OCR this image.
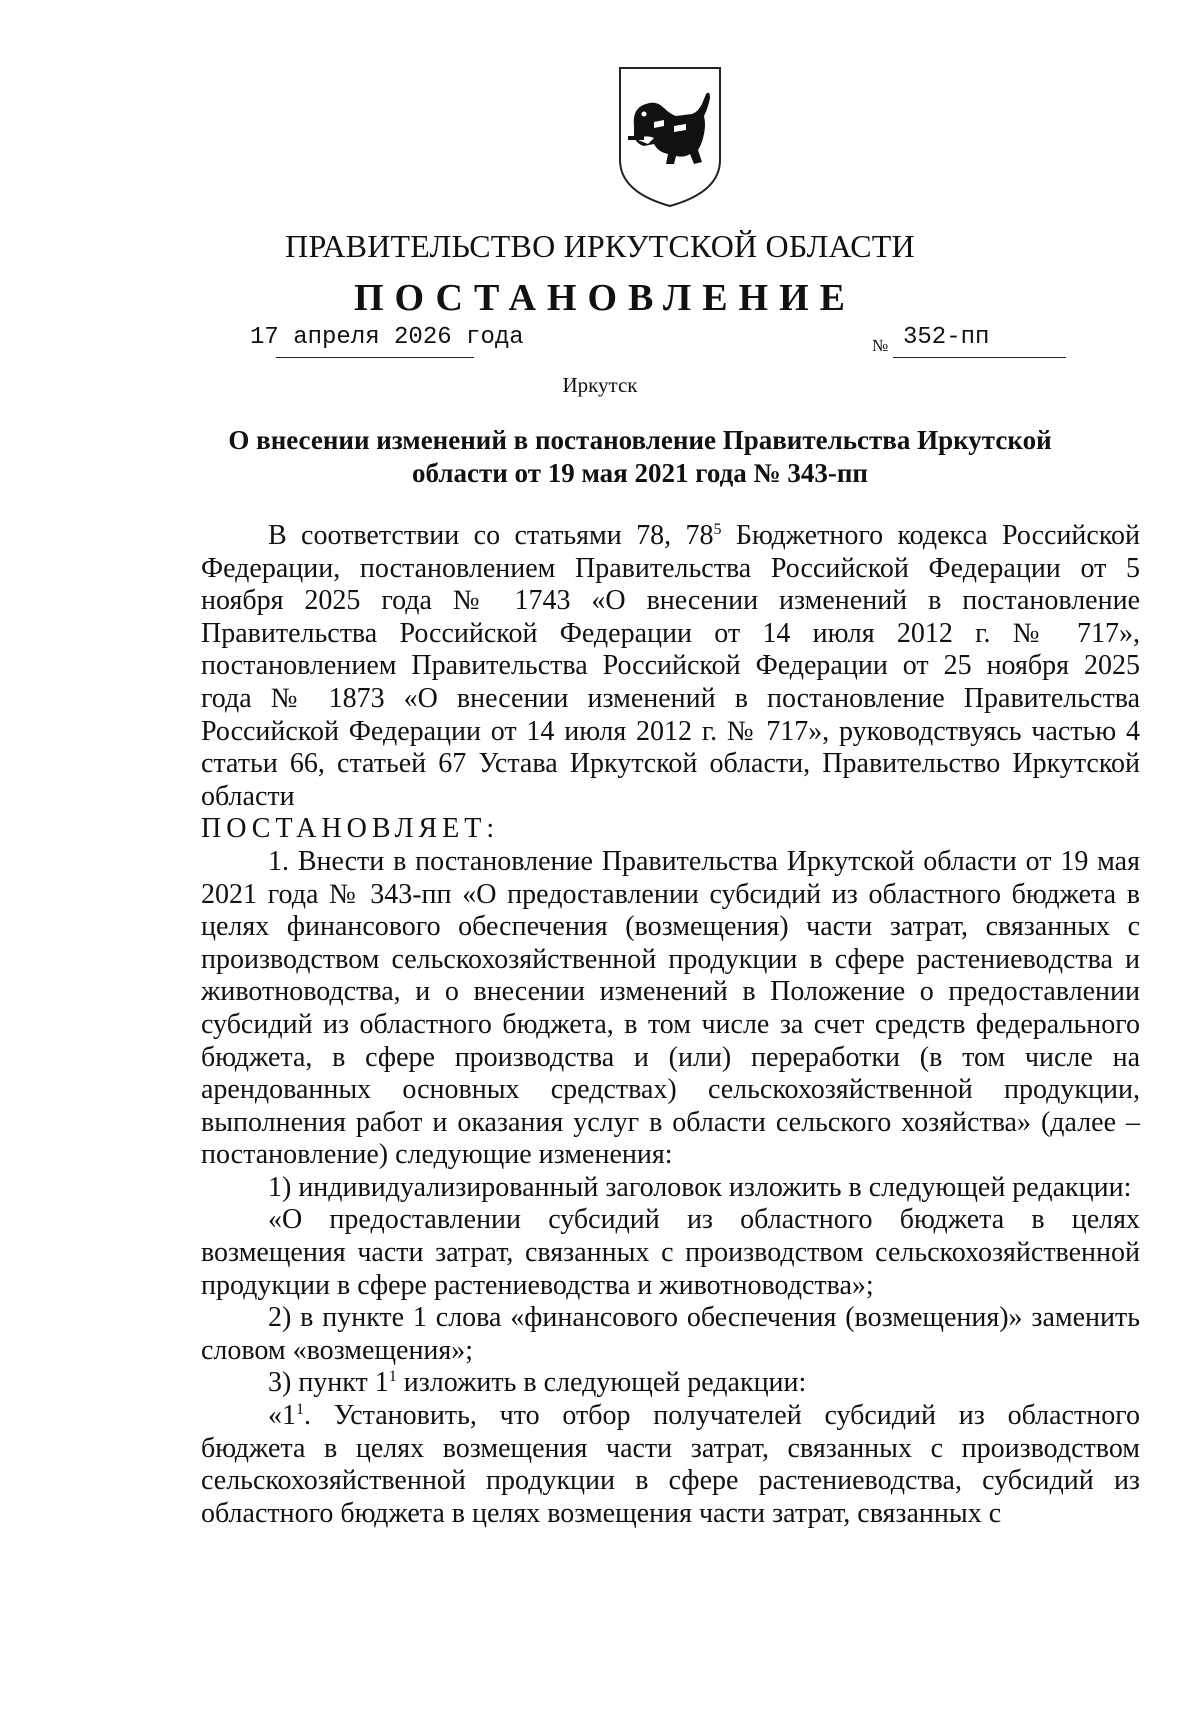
ПРАВИТЕЛЬСТВО ИРКУТСКОЙ ОБЛАСТИ
ПОСТАНОВЛЕНИЕ
17 апреля 2026 года	№ 352-пп
Иркутск
О внесении изменений в постановление Правительства Иркутской
области от 19 мая 2021 года № 343-пп

В соответствии со статьями 78, $78^5$ Бюджетного кодекса Российской Федерации, постановлением Правительства Российской Федерации от 5 ноября 2025 года № 1743 «О внесении изменений в постановление Правительства Российской Федерации от 14 июля 2012 г. № 717», постановлением Правительства Российской Федерации от 25 ноября 2025 года № 1873 «О внесении изменений в постановление Правительства Российской Федерации от 14 июля 2012 г. № 717», руководствуясь частью 4 статьи 66, статьей 67 Устава Иркутской области, Правительство Иркутской области

ПОСТАНОВЛЯЕТ:

1. Внести в постановление Правительства Иркутской области от 19 мая 2021 года № 343-пп «О предоставлении субсидий из областного бюджета в целях финансового обеспечения (возмещения) части затрат, связанных с производством сельскохозяйственной продукции в сфере растениеводства и животноводства, и о внесении изменений в Положение о предоставлении субсидий из областного бюджета, в том числе за счет средств федерального бюджета, в сфере производства и (или) переработки (в том числе на арендованных основных средствах) сельскохозяйственной продукции, выполнения работ и оказания услуг в области сельского хозяйства» (далее – постановление) следующие изменения:

1) индивидуализированный заголовок изложить в следующей редакции:

«О предоставлении субсидий из областного бюджета в целях возмещения части затрат, связанных с производством сельскохозяйственной продукции в сфере растениеводства и животноводства»;

2) в пункте 1 слова «финансового обеспечения (возмещения)» заменить словом «возмещения»;

3) пункт $1^1$ изложить в следующей редакции:

«$1^1$. Установить, что отбор получателей субсидий из областного бюджета в целях возмещения части затрат, связанных с производством сельскохозяйственной продукции в сфере растениеводства, субсидий из областного бюджета в целях возмещения части затрат, связанных с
